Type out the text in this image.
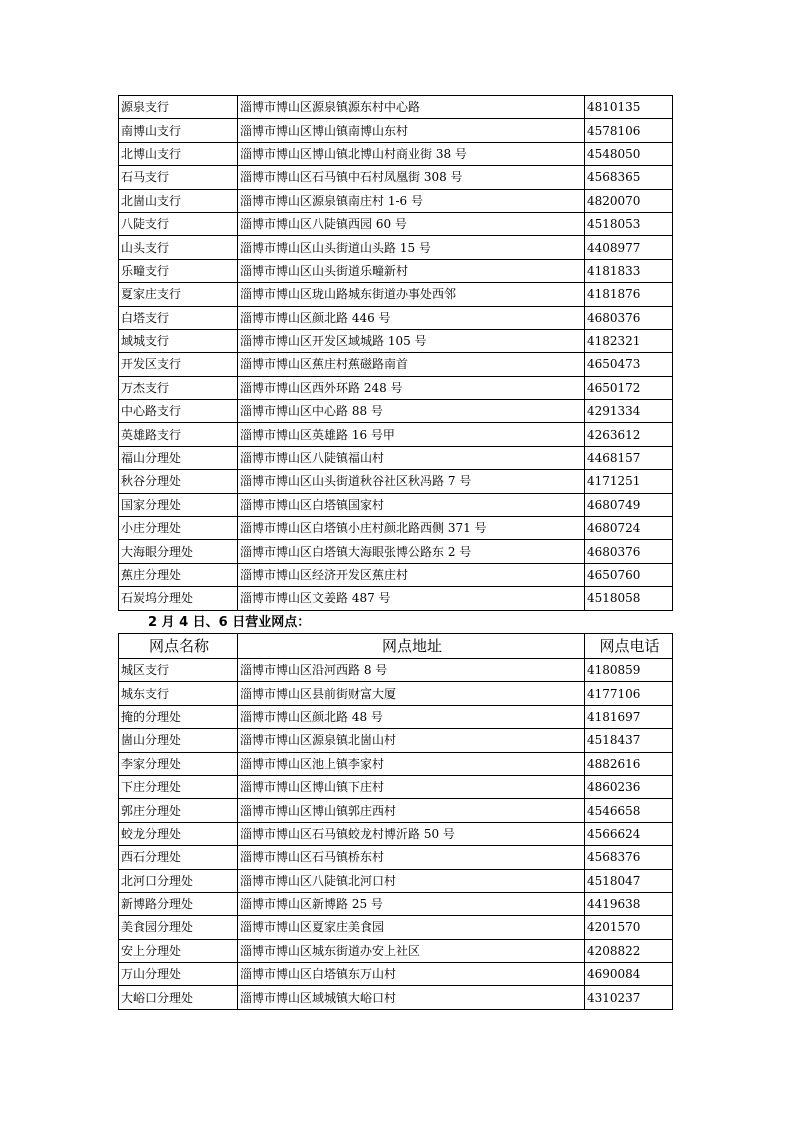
源泉支行	淄博市博山区源泉镇源东村中心路	4810135
南博山支行	淄博市博山区博山镇南博山东村	4578106
北博山支行	淄博市博山区博山镇北博山村商业街 38 号	4548050
石马支行	淄博市博山区石马镇中石村凤凰街 308 号	4568365
北崮山支行	淄博市博山区源泉镇南庄村 1-6 号	4820070
八陡支行	淄博市博山区八陡镇西园 60 号	4518053
山头支行	淄博市博山区山头街道山头路 15 号	4408977
乐疃支行	淄博市博山区山头街道乐疃新村	4181833
夏家庄支行	淄博市博山区珑山路城东街道办事处西邻	4181876
白塔支行	淄博市博山区颜北路 446 号	4680376
域城支行	淄博市博山区开发区域城路 105 号	4182321
开发区支行	淄博市博山区蕉庄村蕉磁路南首	4650473
万杰支行	淄博市博山区西外环路 248 号	4650172
中心路支行	淄博市博山区中心路 88 号	4291334
英雄路支行	淄博市博山区英雄路 16 号甲	4263612
福山分理处	淄博市博山区八陡镇福山村	4468157
秋谷分理处	淄博市博山区山头街道秋谷社区秋冯路 7 号	4171251
国家分理处	淄博市博山区白塔镇国家村	4680749
小庄分理处	淄博市博山区白塔镇小庄村颜北路西侧 371 号	4680724
大海眼分理处	淄博市博山区白塔镇大海眼张博公路东 2 号	4680376
蕉庄分理处	淄博市博山区经济开发区蕉庄村	4650760
石炭坞分理处	淄博市博山区文姜路 487 号	4518058
2 月 4 日、6 日营业网点：
网点名称	网点地址	网点电话
城区支行	淄博市博山区沿河西路 8 号	4180859
城东支行	淄博市博山区县前街财富大厦	4177106
掩的分理处	淄博市博山区颜北路 48 号	4181697
崮山分理处	淄博市博山区源泉镇北崮山村	4518437
李家分理处	淄博市博山区池上镇李家村	4882616
下庄分理处	淄博市博山区博山镇下庄村	4860236
郭庄分理处	淄博市博山区博山镇郭庄西村	4546658
蛟龙分理处	淄博市博山区石马镇蛟龙村博沂路 50 号	4566624
西石分理处	淄博市博山区石马镇桥东村	4568376
北河口分理处	淄博市博山区八陡镇北河口村	4518047
新博路分理处	淄博市博山区新博路 25 号	4419638
美食园分理处	淄博市博山区夏家庄美食园	4201570
安上分理处	淄博市博山区城东街道办安上社区	4208822
万山分理处	淄博市博山区白塔镇东万山村	4690084
大峪口分理处	淄博市博山区域城镇大峪口村	4310237
